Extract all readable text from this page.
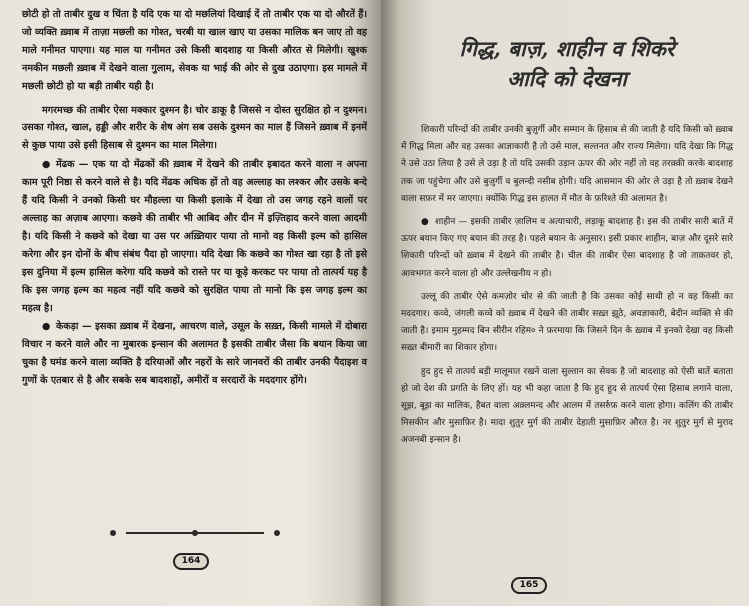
छोटी हो तो ताबीर दुख व चिंता है यदि एक या दो मछलियां दिखाई दें तो ताबीर एक या दो औरतें हैं। जो व्यक्ति ख़्वाब में ताज़ा मछली का गोश्त, चरबी या खाल खाए या उसका मालिक बन जाए तो वह माले गनीमत पाएगा। यह माल या गनीमत उसे किसी बादशाह या किसी औरत से मिलेगी। खुश्क नमकीन मछली ख़्वाब में देखने वाला गुलाम, सेवक या भाई की ओर से दुख उठाएगा। इस मामले में मछली छोटी हो या बड़ी ताबीर यही है।

मगरमच्छ की ताबीर ऐसा मक्कार दुश्मन है। चोर डाकू है जिससे न दोस्त सुरक्षित हो न दुश्मन। उसका गोश्त, खाल, हड्डी और शरीर के शेष अंग सब उसके दुश्मन का माल हैं जिसने ख़्वाब में इनमें से कुछ पाया उसे इसी हिसाब से दुश्मन का माल मिलेगा।

● मेंढक — एक या दो मेंढकों की ख़्वाब में देखने की ताबीर इबादत करने वाला न अपना काम पूरी निष्ठा से करने वाले से है। यदि मेंढक अधिक हों तो वह अल्लाह का लश्कर और उसके बन्दे हैं यदि किसी ने उनको किसी घर मौहल्ला या किसी इलाके में देखा तो उस जगह रहने वालों पर अल्लाह का अज़ाब आएगा। कछवे की ताबीर भी आबिद और दीन में इज़्तिहाद करने वाला आदमी है। यदि किसी ने कछवे को देखा या उस पर अख़्तियार पाया तो मानो वह किसी इल्म को हासिल करेगा और इन दोनों के बीच संबंध पैदा हो जाएगा। यदि देखा कि कछवे का गोश्त खा रहा है तो इसे इस दुनिया में इल्म हासिल करेगा यदि कछवे को रास्ते पर या कूड़े करकट पर पाया तो तात्पर्य यह है कि इस जगह इल्म का महत्व नहीं यदि कछवे को सुरक्षित पाया तो मानो कि इस जगह इल्म का महत्व है।

● केकड़ा — इसका ख़्वाब में देखना, आचरण वाले, उसूल के सख़्त, किसी मामले में दोबारा विचार न करने वाले और ना मुबारक इन्सान की अलामत है इसकी ताबीर जैसा कि बयान किया जा चुका है घमंड करने वाला व्यक्ति है दरियाओं और नहरों के सारे जानवरों की ताबीर उनकी पैदाइश व गुणों के एतबार से है और सबके सब बादशाहों, अमीरों व सरदारों के मददगार होंगे।

164
गिद्ध, बाज़, शाहीन व शिकरे
आदि को देखना

शिकारी परिन्दों की ताबीर उनकी बुज़ुर्गी और सम्मान के हिसाब से की जाती है यदि किसी को ख़्वाब में गिद्ध मिला और वह उसका आज्ञाकारी है तो उसे माल, सल्तनत और राज्य मिलेगा। यदि देखा कि गिद्ध ने उसे उठा लिया है उसे ले उड़ा है तो यदि उसकी उड़ान ऊपर की ओर नहीं तो वह तरक़्क़ी करके बादशाह तक जा पहुंचेगा और उसे बुज़ुर्गी व बुलन्दी नसीब होगी। यदि आसमान की ओर ले उड़ा है तो ख़्वाब देखने वाला सफ़र में मर जाएगा। क्योंकि गिद्ध इस हालत में मौत के फ़रिश्ते की अलामत है।

● शाहीन — इसकी ताबीर ज़ालिम व अत्याचारी, लड़ाकू बादशाह है। इस की ताबीर सारी बातें में ऊपर बयान किए गए बयान की तरह है। पहले बयान के अनुसार। इसी प्रकार शाहीन, बाज़ और दूसरे सारे शिकारी परिन्दों को ख़्वाब में देखने की ताबीर है। चील की ताबीर ऐसा बादशाह है जो ताक़तवर हो, आवभगत करने वाला हो और उल्लेखनीय न हो।

उल्लू की ताबीर ऐसे कमज़ोर चोर से की जाती है कि उसका कोई साथी हो न वह किसी का मददगार। कव्वे, जंगली कव्वे को ख़्वाब में देखने की ताबीर सख़्त झूठे, अवज्ञाकारी, बेदीन व्यक्ति से की जाती है। इमाम मुहम्मद बिन सीरीन रहिम० ने फ़रमाया कि जिसने दिन के ख़्वाब में इनको देखा वह किसी सख़्त बीमारी का शिकार होगा।

हुद हुद से तात्पर्य बड़ी मालूमात रखने वाला सुल्तान का सेवक है जो बादशाह को ऐसी बातें बताता हो जो देश की प्रगति के लिए हों। यह भी कहा जाता है कि हुद हुद से तात्पर्य ऐसा हिसाब लगाने वाला, सूझ, बूझ का मालिक, हैबत वाला अक़्लमन्द और आलम में तसर्रुफ़ करने वाला होगा। कलिंग की ताबीर मिसकीन और मुसाफ़िर है। मादा शुतुर मुर्ग की ताबीर देहाती मुसाफ़िर औरत है। नर शुतुर मुर्ग से मुराद अजनबी इन्सान है।

165
